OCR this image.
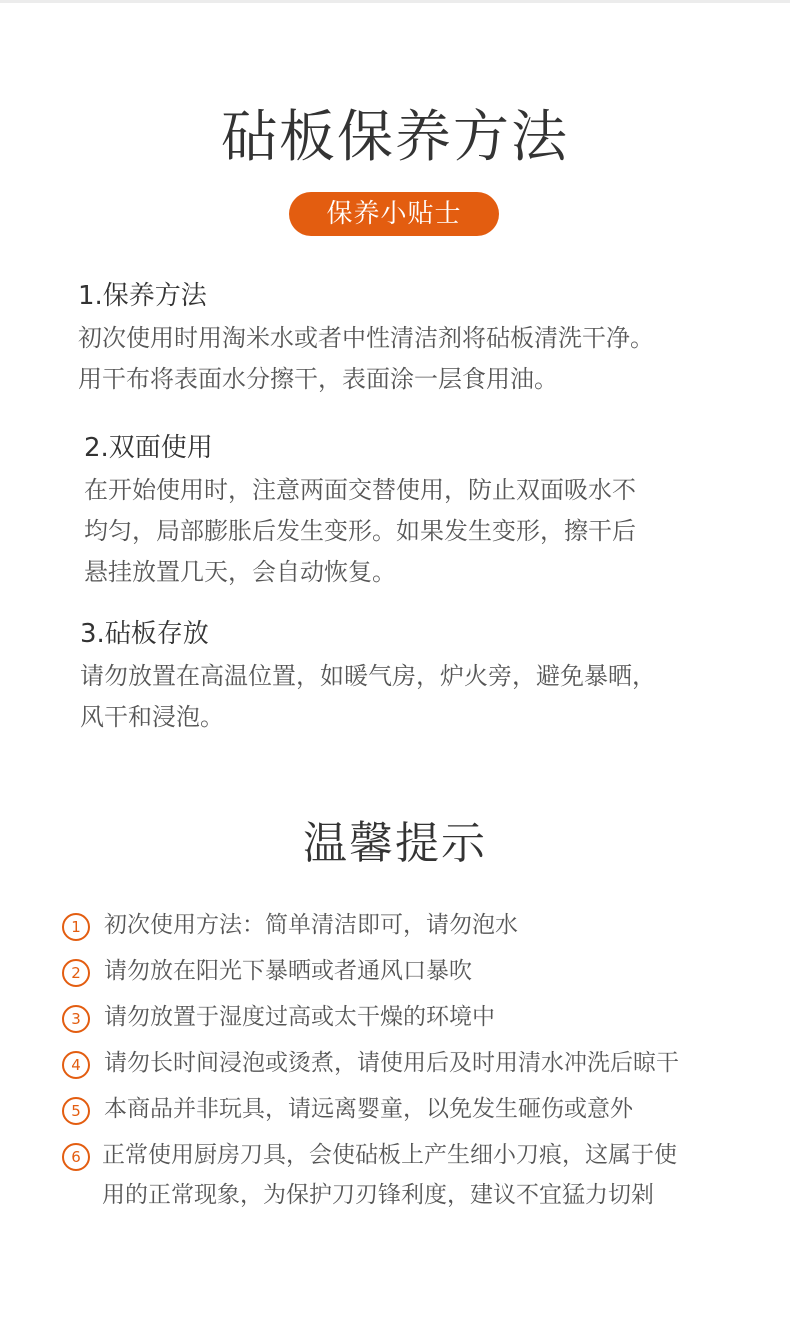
砧板保养方法
保养小贴士
1.保养方法
初次使用时用淘米水或者中性清洁剂将砧板清洗干净。
用干布将表面水分擦干，表面涂一层食用油。
2.双面使用
在开始使用时，注意两面交替使用，防止双面吸水不
均匀，局部膨胀后发生变形。如果发生变形，擦干后
悬挂放置几天，会自动恢复。
3.砧板存放
请勿放置在高温位置，如暖气房，炉火旁，避免暴晒，
风干和浸泡。
温馨提示
1	初次使用方法：简单清洁即可，请勿泡水
2	请勿放在阳光下暴晒或者通风口暴吹
3	请勿放置于湿度过高或太干燥的环境中
4	请勿长时间浸泡或烫煮，请使用后及时用清水冲洗后晾干
5	本商品并非玩具，请远离婴童，以免发生砸伤或意外
6 正常使用厨房刀具，会使砧板上产生细小刀痕，这属于使
用的正常现象，为保护刀刃锋利度，建议不宜猛力切剁
